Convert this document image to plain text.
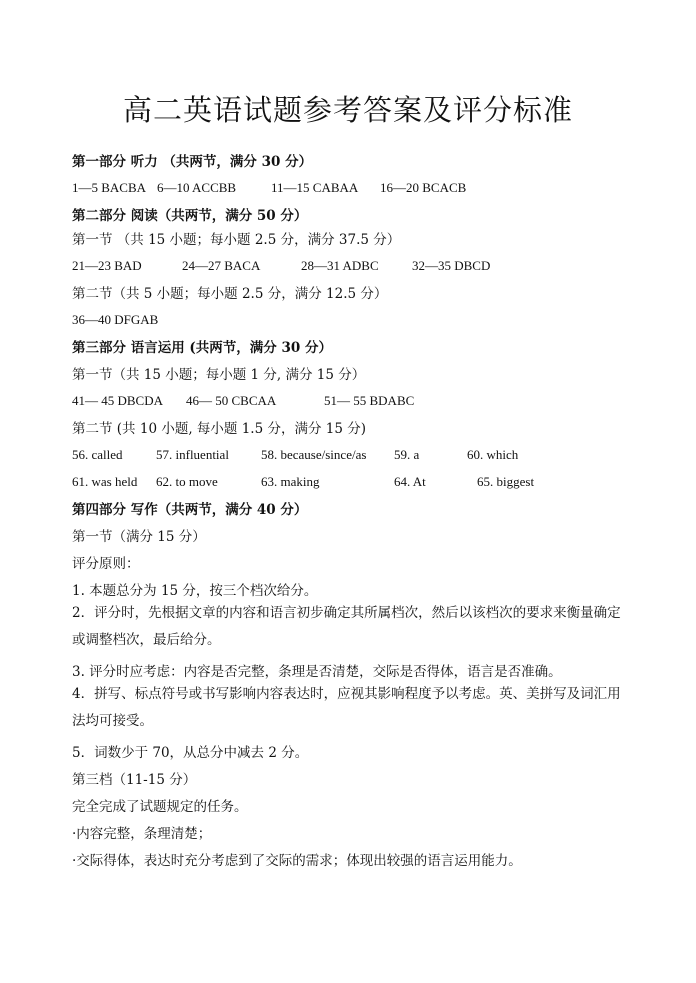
高二英语试题参考答案及评分标准
第一部分 听力 （共两节，满分 30 分）
1—5 BACBA 6—10 ACCBB	11—15 CABAA 16—20 BCACB
第二部分 阅读（共两节，满分 50 分）
第一节 （共 15 小题；每小题 2.5 分，满分 37.5 分）
21—23 BAD	24—27 BACA	28—31 ADBC	32—35 DBCD
第二节（共 5 小题；每小题 2.5 分，满分 12.5 分）
36—40 DFGAB
第三部分 语言运用 (共两节，满分 30 分）
第一节（共 15 小题；每小题 1 分, 满分 15 分）
41— 45 DBCDA 46— 50 CBCAA	51— 55 BDABC
第二节 (共 10 小题, 每小题 1.5 分，满分 15 分)
56. called	57. influential 58. because/since/as 59. a	60. which
61. was held 62. to move	63. making	64. At	65. biggest
第四部分 写作（共两节，满分 40 分）
第一节（满分 15 分）
评分原则：
1. 本题总分为 15 分，按三个档次给分。
2．评分时，先根据文章的内容和语言初步确定其所属档次，然后以该档次的要求来衡量确定或调整档次，最后给分。
3. 评分时应考虑：内容是否完整，条理是否清楚，交际是否得体，语言是否准确。
4．拼写、标点符号或书写影响内容表达时，应视其影响程度予以考虑。英、美拼写及词汇用法均可接受。
5．词数少于 70，从总分中减去 2 分。
第三档（11-15 分）
完全完成了试题规定的任务。
·内容完整，条理清楚；
·交际得体，表达时充分考虑到了交际的需求；体现出较强的语言运用能力。
